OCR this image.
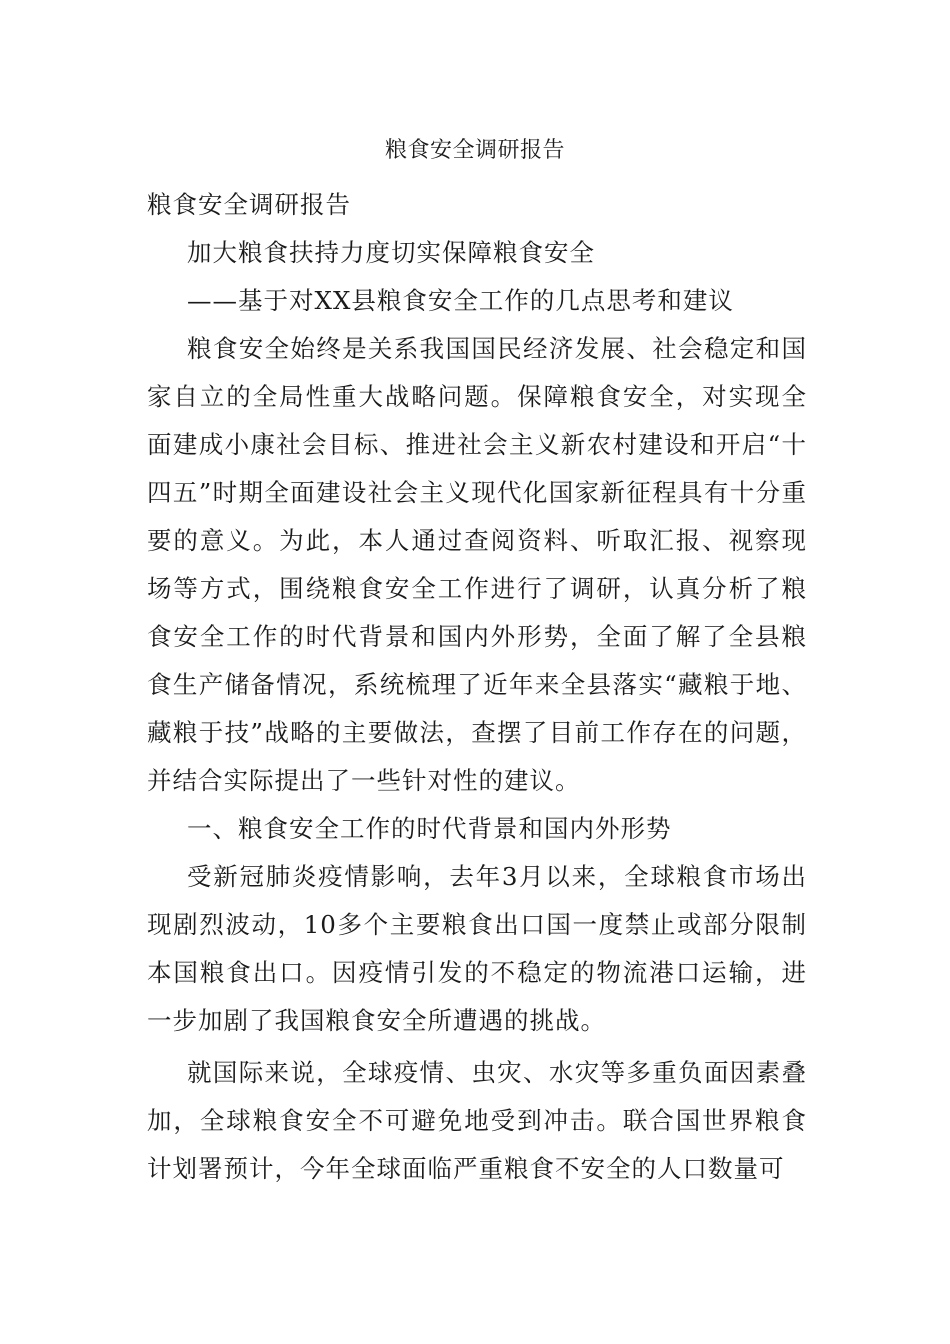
粮食安全调研报告

粮食安全调研报告

加大粮食扶持力度切实保障粮食安全

——基于对XX县粮食安全工作的几点思考和建议

粮食安全始终是关系我国国民经济发展、社会稳定和国家自立的全局性重大战略问题。保障粮食安全，对实现全面建成小康社会目标、推进社会主义新农村建设和开启“十四五”时期全面建设社会主义现代化国家新征程具有十分重要的意义。为此，本人通过查阅资料、听取汇报、视察现场等方式，围绕粮食安全工作进行了调研，认真分析了粮食安全工作的时代背景和国内外形势，全面了解了全县粮食生产储备情况，系统梳理了近年来全县落实“藏粮于地、藏粮于技”战略的主要做法，查摆了目前工作存在的问题，并结合实际提出了一些针对性的建议。

一、粮食安全工作的时代背景和国内外形势

受新冠肺炎疫情影响，去年3月以来，全球粮食市场出现剧烈波动，10多个主要粮食出口国一度禁止或部分限制本国粮食出口。因疫情引发的不稳定的物流港口运输，进一步加剧了我国粮食安全所遭遇的挑战。

就国际来说，全球疫情、虫灾、水灾等多重负面因素叠加，全球粮食安全不可避免地受到冲击。联合国世界粮食计划署预计，今年全球面临严重粮食不安全的人口数量可
